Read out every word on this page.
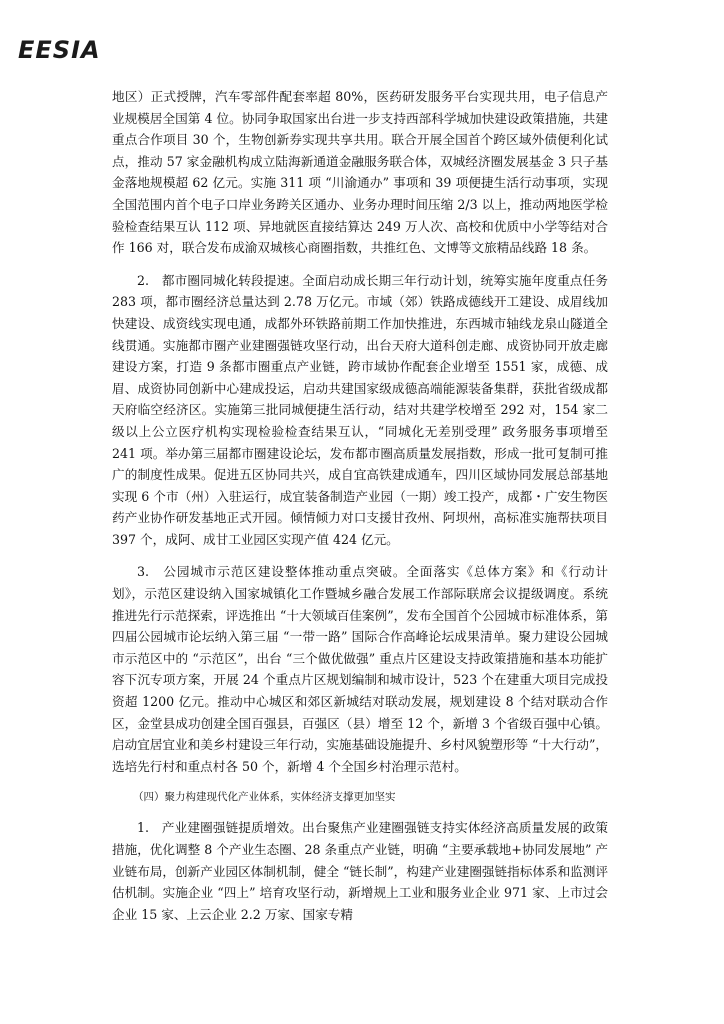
EESIA

地区）正式授牌，汽车零部件配套率超 80%，医药研发服务平台实现共用，电子信息产业规模居全国第 4 位。协同争取国家出台进一步支持西部科学城加快建设政策措施，共建重点合作项目 30 个，生物创新券实现共享共用。联合开展全国首个跨区域外债便利化试点，推动 57 家金融机构成立陆海新通道金融服务联合体，双城经济圈发展基金 3 只子基金落地规模超 62 亿元。实施 311 项 “川渝通办” 事项和 39 项便捷生活行动事项，实现全国范围内首个电子口岸业务跨关区通办、业务办理时间压缩 2/3 以上，推动两地医学检验检查结果互认 112 项、异地就医直接结算达 249 万人次、高校和优质中小学等结对合作 166 对，联合发布成渝双城核心商圈指数，共推红色、文博等文旅精品线路 18 条。

2.　都市圈同城化转段提速。全面启动成长期三年行动计划，统筹实施年度重点任务 283 项，都市圈经济总量达到 2.78 万亿元。市域（郊）铁路成德线开工建设、成眉线加快建设、成资线实现电通，成都外环铁路前期工作加快推进，东西城市轴线龙泉山隧道全线贯通。实施都市圈产业建圈强链攻坚行动，出台天府大道科创走廊、成资协同开放走廊建设方案，打造 9 条都市圈重点产业链，跨市域协作配套企业增至 1551 家，成德、成眉、成资协同创新中心建成投运，启动共建国家级成德高端能源装备集群，获批省级成都天府临空经济区。实施第三批同城便捷生活行动，结对共建学校增至 292 对，154 家二级以上公立医疗机构实现检验检查结果互认，“同城化无差别受理” 政务服务事项增至 241 项。举办第三届都市圈建设论坛，发布都市圈高质量发展指数，形成一批可复制可推广的制度性成果。促进五区协同共兴，成自宜高铁建成通车，四川区域协同发展总部基地实现 6 个市（州）入驻运行，成宜装备制造产业园（一期）竣工投产，成都・广安生物医药产业协作研发基地正式开园。倾情倾力对口支援甘孜州、阿坝州，高标准实施帮扶项目 397 个，成阿、成甘工业园区实现产值 424 亿元。

3.　公园城市示范区建设整体推动重点突破。全面落实《总体方案》和《行动计划》，示范区建设纳入国家城镇化工作暨城乡融合发展工作部际联席会议提级调度。系统推进先行示范探索，评选推出 “十大领域百佳案例”，发布全国首个公园城市标准体系，第四届公园城市论坛纳入第三届 “一带一路” 国际合作高峰论坛成果清单。聚力建设公园城市示范区中的 “示范区”，出台 “三个做优做强” 重点片区建设支持政策措施和基本功能扩容下沉专项方案，开展 24 个重点片区规划编制和城市设计，523 个在建重大项目完成投资超 1200 亿元。推动中心城区和郊区新城结对联动发展，规划建设 8 个结对联动合作区，金堂县成功创建全国百强县，百强区（县）增至 12 个，新增 3 个省级百强中心镇。启动宜居宜业和美乡村建设三年行动，实施基础设施提升、乡村风貌塑形等 “十大行动”，选培先行村和重点村各 50 个，新增 4 个全国乡村治理示范村。

（四）聚力构建现代化产业体系，实体经济支撑更加坚实

1.　产业建圈强链提质增效。出台聚焦产业建圈强链支持实体经济高质量发展的政策措施，优化调整 8 个产业生态圈、28 条重点产业链，明确 “主要承载地+协同发展地” 产业链布局，创新产业园区体制机制，健全 “链长制”，构建产业建圈强链指标体系和监测评估机制。实施企业 “四上” 培育攻坚行动，新增规上工业和服务业企业 971 家、上市过会企业 15 家、上云企业 2.2 万家、国家专精
